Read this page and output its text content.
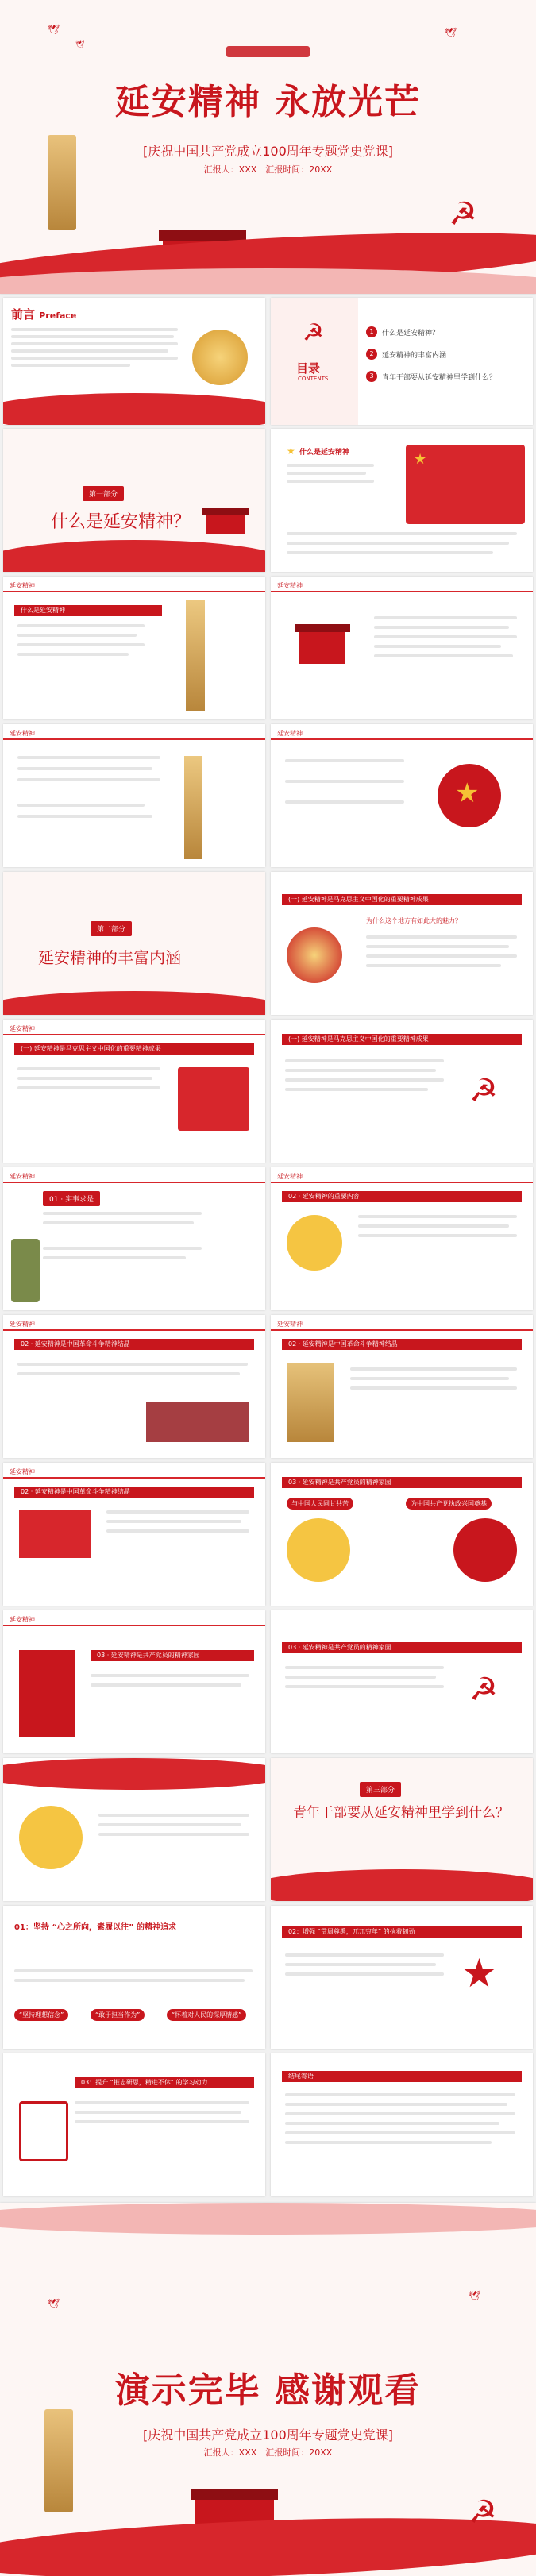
🕊
🕊
🕊
延安精神 永放光芒
[庆祝中国共产党成立100周年专题党史党课]
汇报人：XXX　汇报时间：20XX
☭
前言 Preface
☭
目录
CONTENTS
1	什么是延安精神？
2	延安精神的丰富内涵
3	青年干部要从延安精神里学到什么？
第一部分
什么是延安精神？
★ 什么是延安精神	★
延安精神
什么是延安精神
延安精神
延安精神	延安精神
★
第二部分
延安精神的丰富内涵
(一) 延安精神是马克思主义中国化的重要精神成果
为什么这个地方有如此大的魅力？
延安精神
(一) 延安精神是马克思主义中国化的重要精神成果
(一) 延安精神是马克思主义中国化的重要精神成果
☭
延安精神
01 · 实事求是
延安精神
02 · 延安精神的重要内容
延安精神
02 · 延安精神是中国革命斗争精神结晶
延安精神
02 · 延安精神是中国革命斗争精神结晶
延安精神
02 · 延安精神是中国革命斗争精神结晶
03 · 延安精神是共产党员的精神家园
与中国人民同甘共苦	为中国共产党执政兴国奠基
延安精神
03 · 延安精神是共产党员的精神家园
03 · 延安精神是共产党员的精神家园
☭
第三部分
青年干部要从延安精神里学到什么？
01：坚持 “心之所向，素履以往” 的精神追求
“坚持理想信念”	“敢于担当作为”	“怀着对人民的深厚情感”
02：增强 “贯周尊禹，兀兀穷年” 的执着韧劲
★
03：提升 “摧志研思，精进不休” 的学习动力
结尾寄语
🕊
🕊
演示完毕 感谢观看
[庆祝中国共产党成立100周年专题党史党课]
汇报人：XXX　汇报时间：20XX
☭
